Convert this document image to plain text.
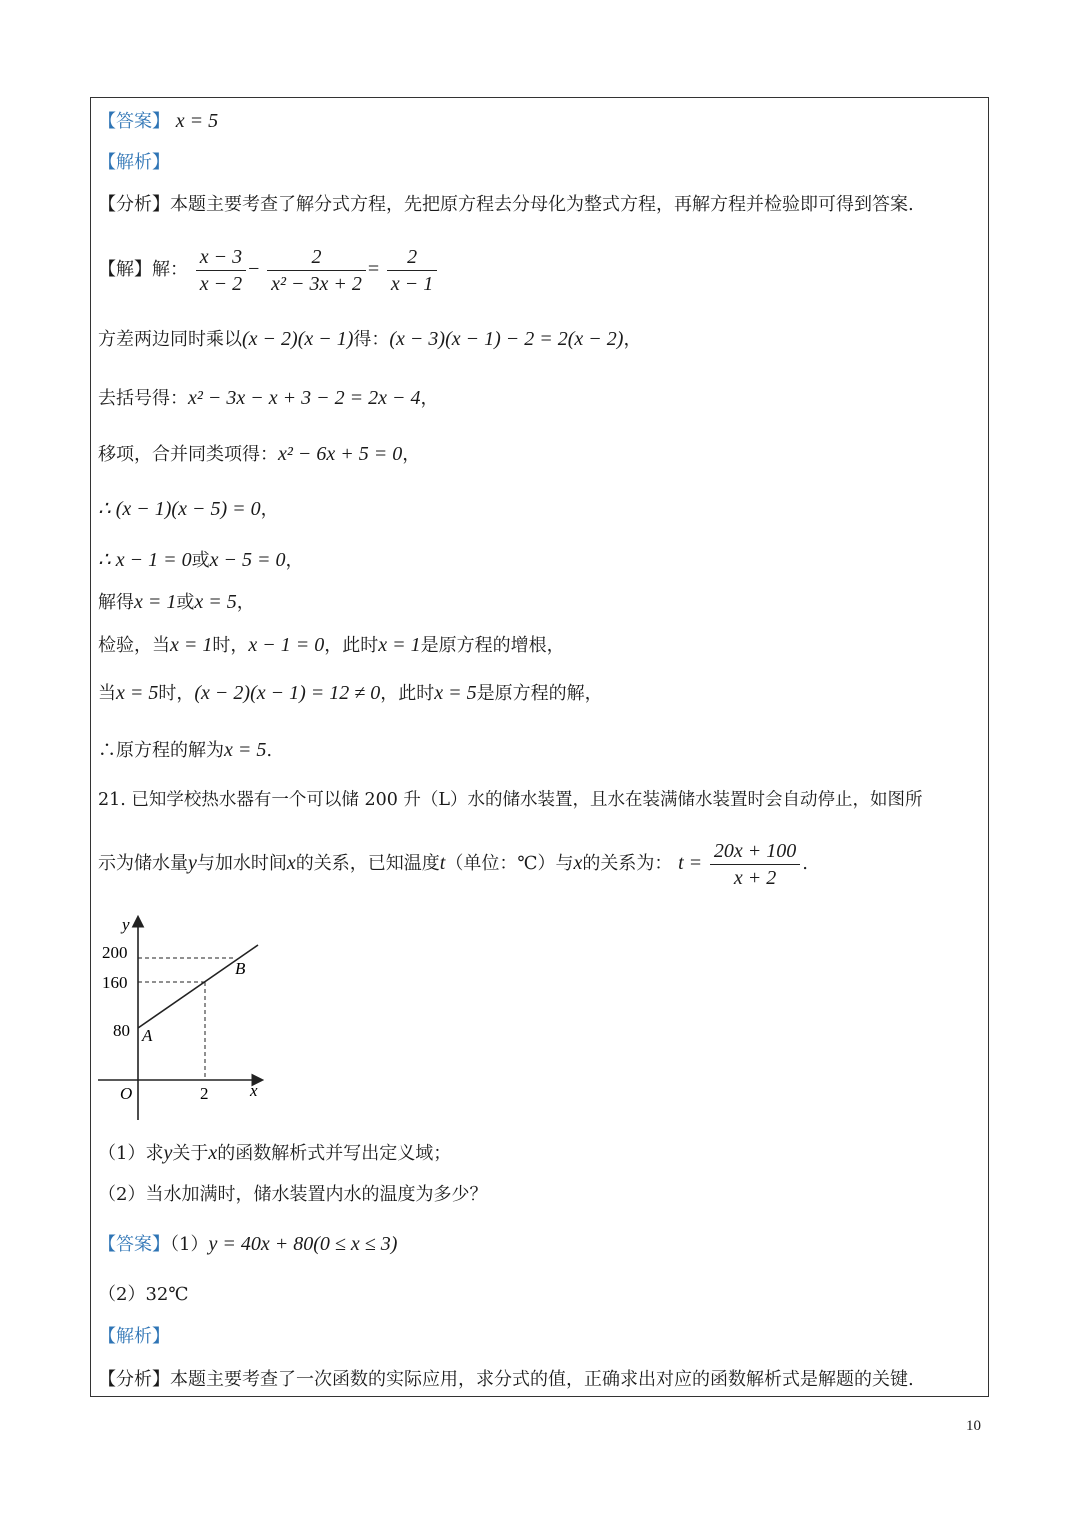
【答案】 x = 5
【解析】
【分析】本题主要考查了解分式方程，先把原方程去分母化为整式方程，再解方程并检验即可得到答案.
【解】解： $\frac{x - 3}{x - 2} - \frac{2}{\text{x² − 3x + 2}} = \frac{2}{x - 1}$
方差两边同时乘以(x − 2)(x − 1)得：(x − 3)(x − 1) − 2 = 2(x − 2)，
去括号得：x² − 3x − x + 3 − 2 = 2x − 4，
移项，合并同类项得：x² − 6x + 5 = 0，
∴ (x − 1)(x − 5) = 0，
∴ x − 1 = 0或x − 5 = 0，
解得x = 1或x = 5，
检验，当x = 1时，x − 1 = 0，此时x = 1是原方程的增根，
当x = 5时，(x − 2)(x − 1) = 12 ≠ 0，此时x = 5是原方程的解，
∴原方程的解为x = 5.
21. 已知学校热水器有一个可以储 200 升（L）水的储水装置，且水在装满储水装置时会自动停止，如图所
示为储水量y与加水时间x的关系，已知温度t（单位：℃）与x的关系为： $t = \frac{20x + 100}{x + 2}$ .
y
x
O
200
160
80
2
A
B
（1）求y关于x的函数解析式并写出定义域；
（2）当水加满时，储水装置内水的温度为多少？
【答案】（1）y = 40x + 80(0 ≤ x ≤ 3)
（2）32℃
【解析】
【分析】本题主要考查了一次函数的实际应用，求分式的值，正确求出对应的函数解析式是解题的关键.
10
